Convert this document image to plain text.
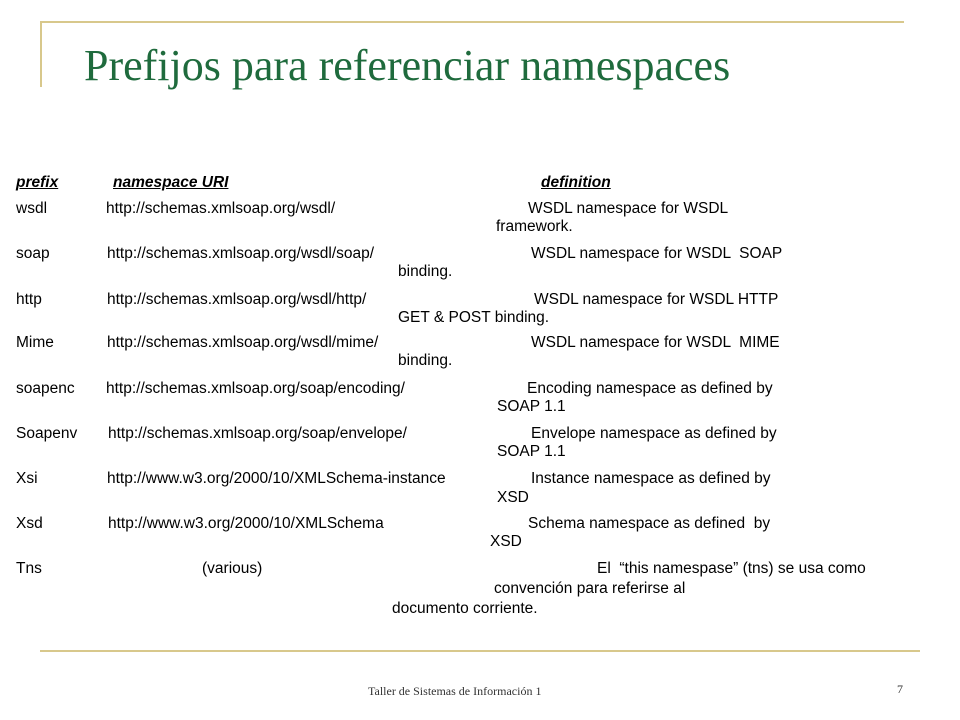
Prefijos para referenciar namespaces
prefix	namespace URI	definition
wsdl	http://schemas.xmlsoap.org/wsdl/	WSDL namespace for WSDL
framework.
soap	http://schemas.xmlsoap.org/wsdl/soap/	WSDL namespace for WSDL  SOAP
binding.
http	http://schemas.xmlsoap.org/wsdl/http/	WSDL namespace for WSDL HTTP
GET & POST binding.
Mime	http://schemas.xmlsoap.org/wsdl/mime/	WSDL namespace for WSDL  MIME
binding.
soapenc http://schemas.xmlsoap.org/soap/encoding/	Encoding namespace as defined by
SOAP 1.1
Soapenv http://schemas.xmlsoap.org/soap/envelope/	Envelope namespace as defined by
SOAP 1.1
Xsi	http://www.w3.org/2000/10/XMLSchema-instance	Instance namespace as defined by
XSD
Xsd	http://www.w3.org/2000/10/XMLSchema	Schema namespace as defined  by
XSD
Tns	(various)	El  “this namespase” (tns) se usa como
convención para referirse al
documento corriente.
Taller de Sistemas de Información 1	7
